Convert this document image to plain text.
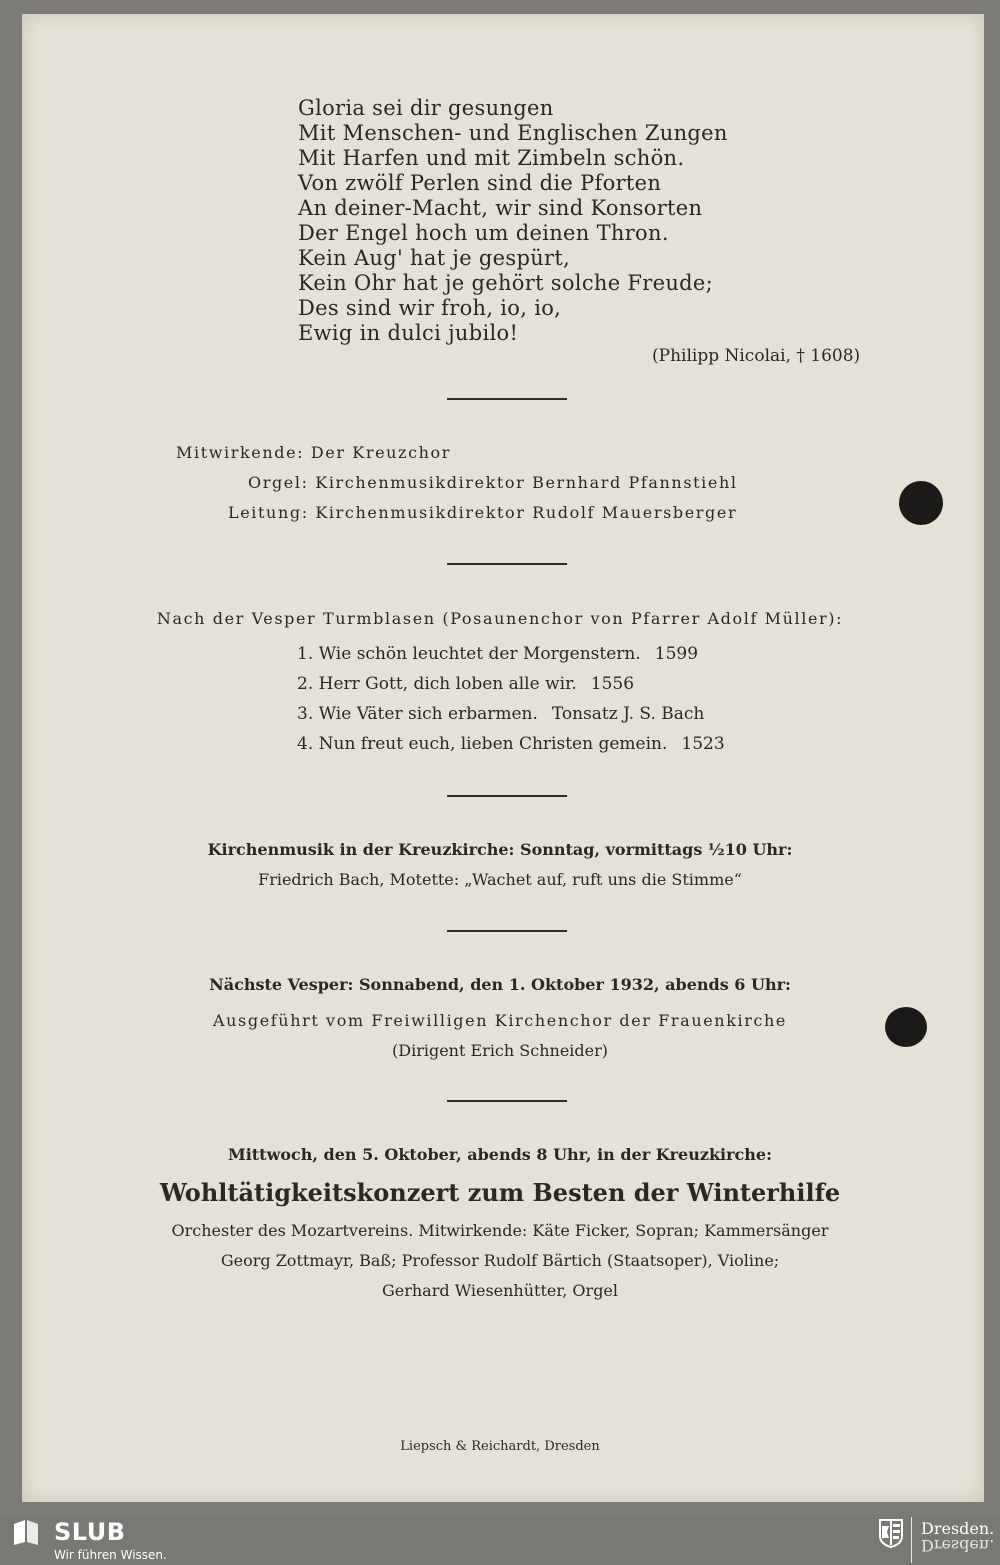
Gloria sei dir gesungen
Mit Menschen- und Englischen Zungen
Mit Harfen und mit Zimbeln schön.
Von zwölf Perlen sind die Pforten
An deiner-Macht, wir sind Konsorten
Der Engel hoch um deinen Thron.
Kein Aug' hat je gespürt,
Kein Ohr hat je gehört solche Freude;
Des sind wir froh, io, io,
Ewig in dulci jubilo!
(Philipp Nicolai, † 1608)
Mitwirkende: Der Kreuzchor
Orgel: Kirchenmusikdirektor Bernhard Pfannstiehl
Leitung: Kirchenmusikdirektor Rudolf Mauersberger
Nach der Vesper Turmblasen (Posaunenchor von Pfarrer Adolf Müller):
1. Wie schön leuchtet der Morgenstern. 1599
2. Herr Gott, dich loben alle wir. 1556
3. Wie Väter sich erbarmen. Tonsatz J. S. Bach
4. Nun freut euch, lieben Christen gemein. 1523
Kirchenmusik in der Kreuzkirche: Sonntag, vormittags ½10 Uhr:
Friedrich Bach, Motette: „Wachet auf, ruft uns die Stimme“
Nächste Vesper: Sonnabend, den 1. Oktober 1932, abends 6 Uhr:
Ausgeführt vom Freiwilligen Kirchenchor der Frauenkirche
(Dirigent Erich Schneider)
Mittwoch, den 5. Oktober, abends 8 Uhr, in der Kreuzkirche:
Wohltätigkeitskonzert zum Besten der Winterhilfe
Orchester des Mozartvereins. Mitwirkende: Käte Ficker, Sopran; Kammersänger
Georg Zottmayr, Baß; Professor Rudolf Bärtich (Staatsoper), Violine;
Gerhard Wiesenhütter, Orgel
Liepsch & Reichardt, Dresden
SLUB
Wir führen Wissen.
Dresden.
Dresden.
